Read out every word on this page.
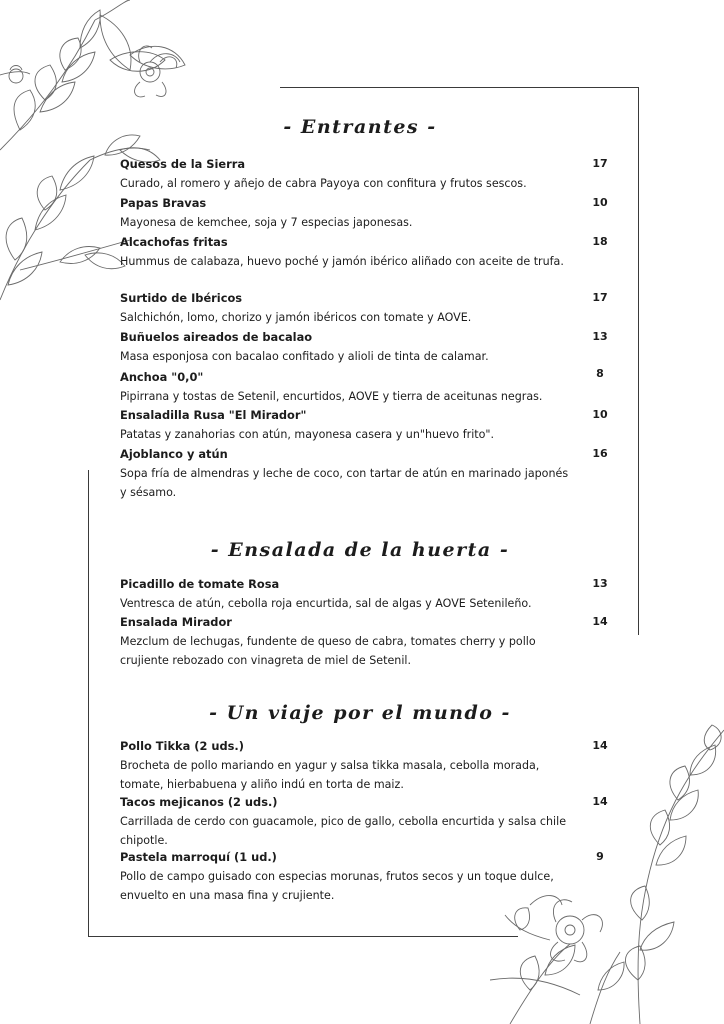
- Entrantes -

Quesos de la Sierra

Curado, al romero y añejo de cabra Payoya con confitura y frutos sescos.

17

Papas Bravas

Mayonesa de kemchee, soja y 7 especias japonesas.

10

Alcachofas fritas

Hummus de calabaza, huevo poché y jamón ibérico aliñado con aceite de trufa.

18

Surtido de Ibéricos

Salchichón, lomo, chorizo y jamón ibéricos con tomate y AOVE.

17

Buñuelos aireados de bacalao

Masa esponjosa con bacalao confitado y alioli de tinta de calamar.

13

Anchoa "0,0"

Pipirrana y tostas de Setenil, encurtidos, AOVE y tierra de aceitunas negras.

8

Ensaladilla Rusa "El Mirador"

Patatas y zanahorias con atún, mayonesa casera y un"huevo frito".

10

Ajoblanco y atún

Sopa fría de almendras y leche de coco, con tartar de atún en marinado japonés y sésamo.

16
- Ensalada de la huerta -

Picadillo de tomate Rosa

Ventresca de atún, cebolla roja encurtida, sal de algas y AOVE Setenileño.

13

Ensalada Mirador

Mezclum de lechugas, fundente de queso de cabra, tomates cherry y pollo crujiente rebozado con vinagreta de miel de Setenil.

14
- Un viaje por el mundo -

Pollo Tikka (2 uds.)

Brocheta de pollo mariando en yagur y salsa tikka masala, cebolla morada, tomate, hierbabuena y aliño indú en torta de maiz.

14

Tacos mejicanos (2 uds.)

Carrillada de cerdo con guacamole, pico de gallo, cebolla encurtida y salsa chile chipotle.

14

Pastela marroquí (1 ud.)

Pollo de campo guisado con especias morunas, frutos secos y un toque dulce, envuelto en una masa fina y crujiente.

9
